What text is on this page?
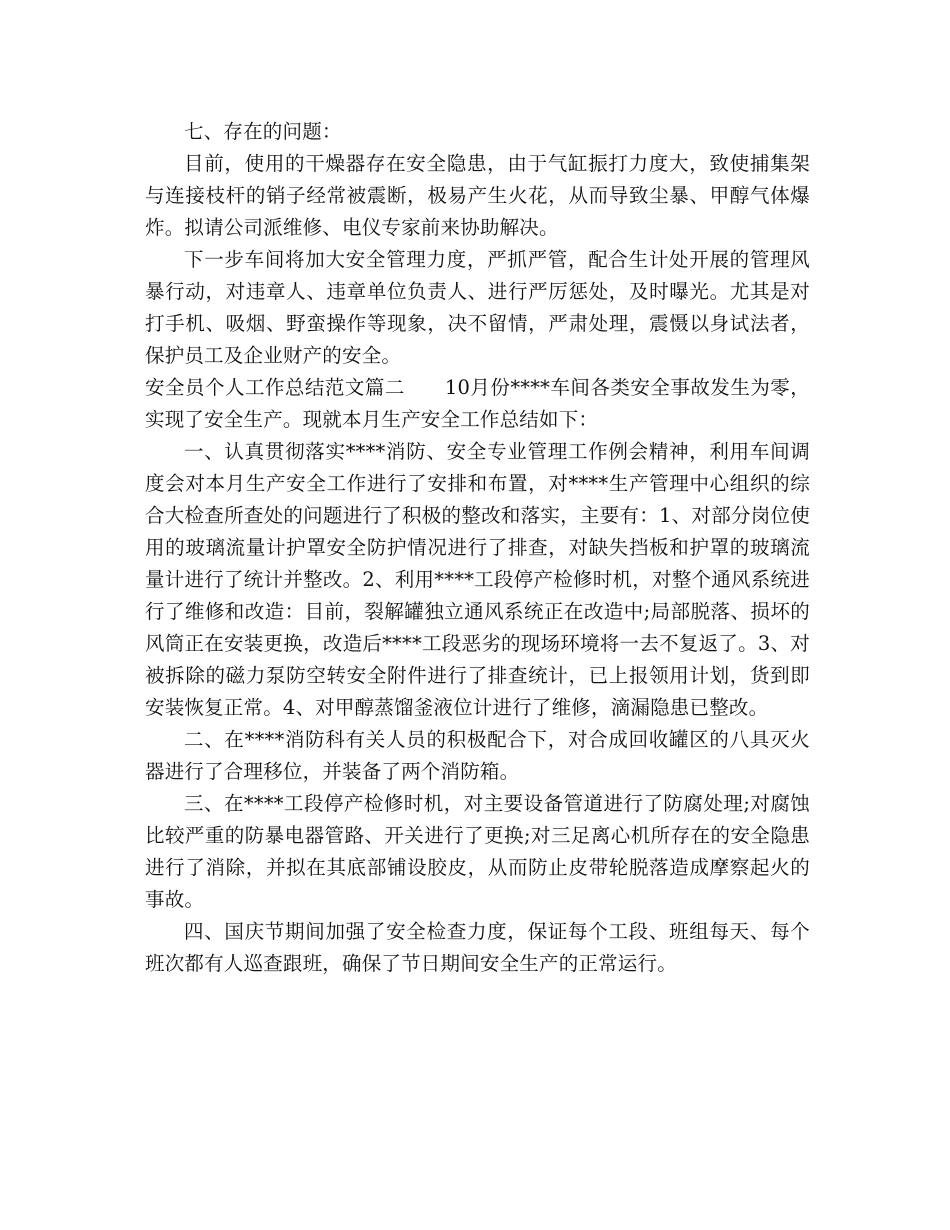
七、存在的问题：

目前，使用的干燥器存在安全隐患，由于气缸振打力度大，致使捕集架与连接枝杆的销子经常被震断，极易产生火花，从而导致尘暴、甲醇气体爆炸。拟请公司派维修、电仪专家前来协助解决。

下一步车间将加大安全管理力度，严抓严管，配合生计处开展的管理风暴行动，对违章人、违章单位负责人、进行严厉惩处，及时曝光。尤其是对打手机、吸烟、野蛮操作等现象，决不留情，严肃处理，震慑以身试法者，保护员工及企业财产的安全。

安全员个人工作总结范文篇二　　10月份****车间各类安全事故发生为零，实现了安全生产。现就本月生产安全工作总结如下：

一、认真贯彻落实****消防、安全专业管理工作例会精神，利用车间调度会对本月生产安全工作进行了安排和布置，对****生产管理中心组织的综合大检查所查处的问题进行了积极的整改和落实，主要有：1、对部分岗位使用的玻璃流量计护罩安全防护情况进行了排查，对缺失挡板和护罩的玻璃流量计进行了统计并整改。2、利用****工段停产检修时机，对整个通风系统进行了维修和改造：目前，裂解罐独立通风系统正在改造中;局部脱落、损坏的风筒正在安装更换，改造后****工段恶劣的现场环境将一去不复返了。3、对被拆除的磁力泵防空转安全附件进行了排查统计，已上报领用计划，货到即安装恢复正常。4、对甲醇蒸馏釜液位计进行了维修，滴漏隐患已整改。

二、在****消防科有关人员的积极配合下，对合成回收罐区的八具灭火器进行了合理移位，并装备了两个消防箱。

三、在****工段停产检修时机，对主要设备管道进行了防腐处理;对腐蚀比较严重的防暴电器管路、开关进行了更换;对三足离心机所存在的安全隐患进行了消除，并拟在其底部铺设胶皮，从而防止皮带轮脱落造成摩察起火的事故。

四、国庆节期间加强了安全检查力度，保证每个工段、班组每天、每个班次都有人巡查跟班，确保了节日期间安全生产的正常运行。
